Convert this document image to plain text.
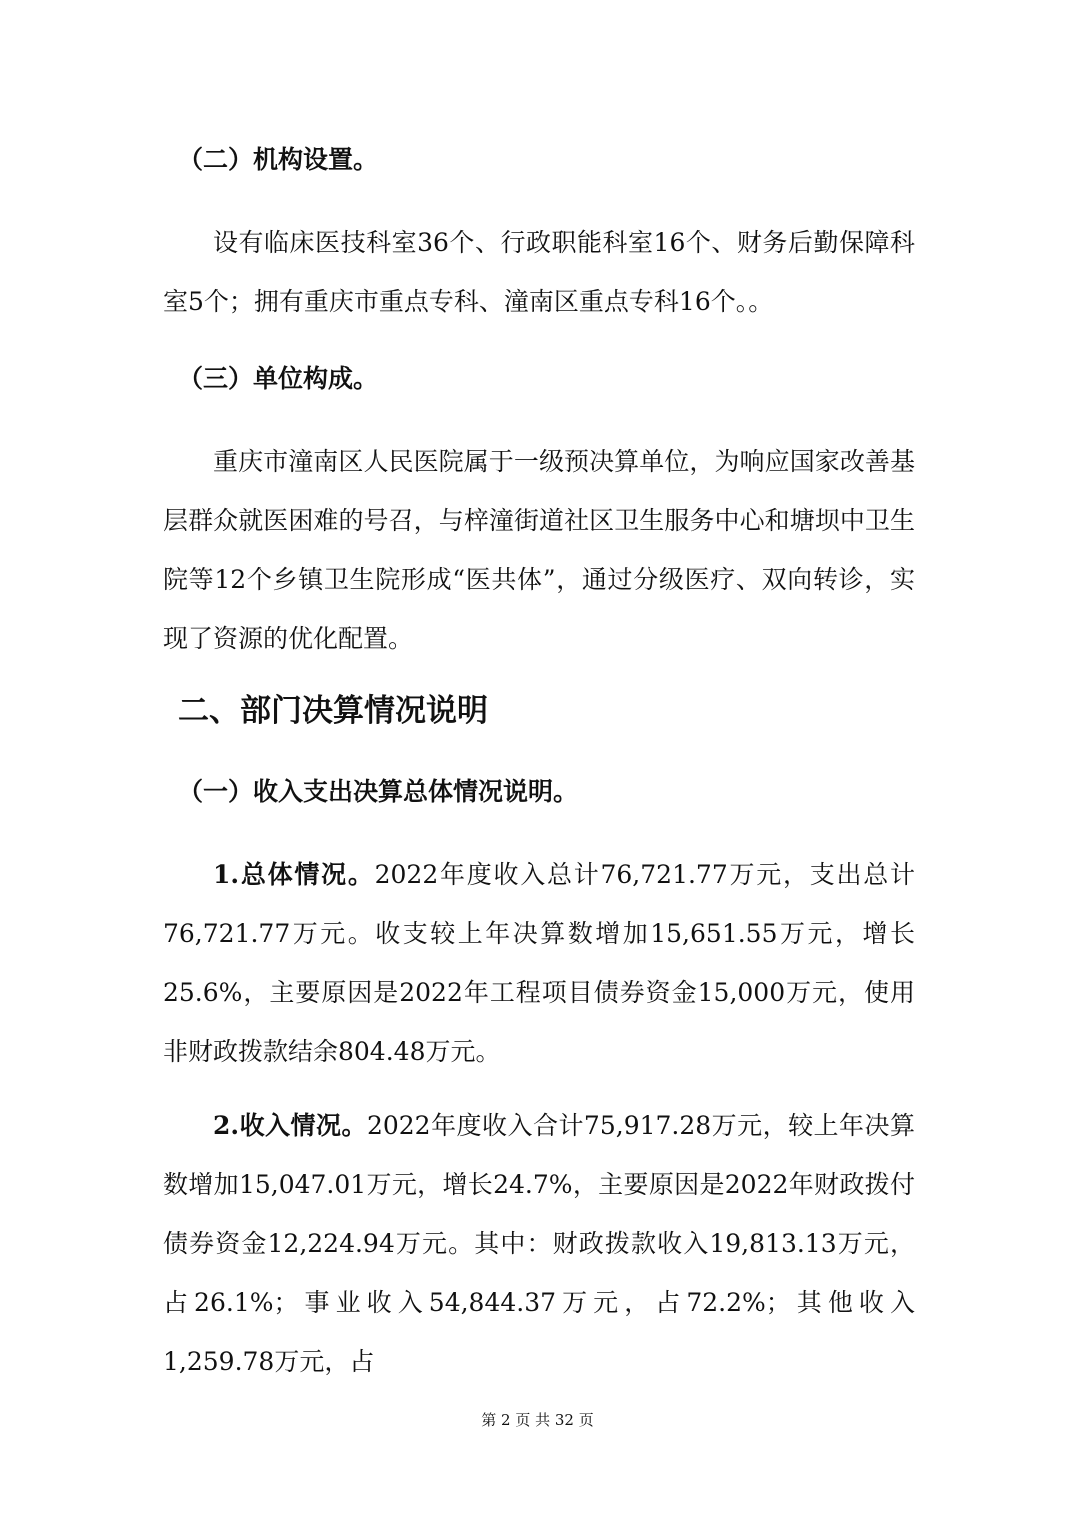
（二）机构设置。

设有临床医技科室36个、行政职能科室16个、财务后勤保障科室5个；拥有重庆市重点专科、潼南区重点专科16个。。

（三）单位构成。

重庆市潼南区人民医院属于一级预决算单位，为响应国家改善基层群众就医困难的号召，与梓潼街道社区卫生服务中心和塘坝中卫生院等12个乡镇卫生院形成“医共体”，通过分级医疗、双向转诊，实现了资源的优化配置。

二、部门决算情况说明

（一）收入支出决算总体情况说明。

1.总体情况。2022年度收入总计76,721.77万元，支出总计76,721.77万元。收支较上年决算数增加15,651.55万元，增长25.6%，主要原因是2022年工程项目债券资金15,000万元，使用非财政拨款结余804.48万元。

2.收入情况。2022年度收入合计75,917.28万元，较上年决算数增加15,047.01万元，增长24.7%，主要原因是2022年财政拨付债券资金12,224.94万元。其中：财政拨款收入19,813.13万元，占26.1%；事业收入54,844.37万元，占72.2%；其他收入1,259.78万元，占

第 2 页 共 32 页
